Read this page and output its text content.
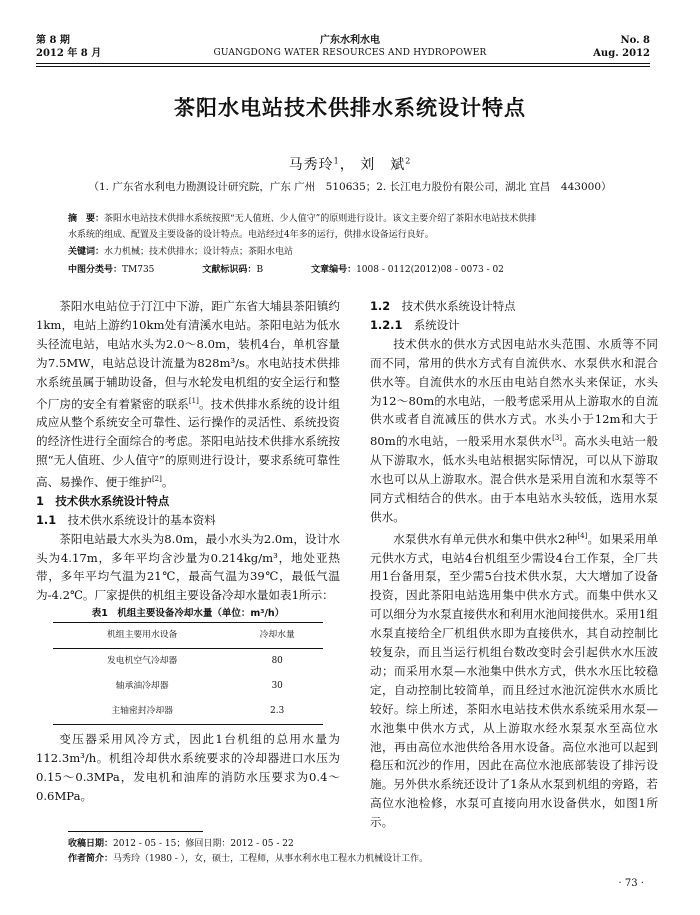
第 8 期
2012 年 8 月
广东水利水电
GUANGDONG WATER RESOURCES AND HYDROPOWER
No. 8
Aug. 2012
茶阳水电站技术供排水系统设计特点
马秀玲$^1$， 刘　斌$^2$
（1. 广东省水利电力勘测设计研究院，广东 广州　510635；2. 长江电力股份有限公司，湖北 宜昌　443000）
摘　要：茶阳水电站技术供排水系统按照“无人值班、少人值守”的原则进行设计。该文主要介绍了茶阳水电站技术供排
水系统的组成、配置及主要设备的设计特点。电站经过4年多的运行，供排水设备运行良好。
关键词：水力机械；技术供排水；设计特点；茶阳水电站
中图分类号：TM735	文献标识码：B	文章编号：1008 - 0112(2012)08 - 0073 - 02

茶阳水电站位于汀江中下游，距广东省大埔县茶阳镇约1km，电站上游约10km处有清溪水电站。茶阳电站为低水头径流电站，电站水头为2.0～8.0m，装机4台，单机容量为7.5MW，电站总设计流量为828m³/s。水电站技术供排水系统虽属于辅助设备，但与水轮发电机组的安全运行和整个厂房的安全有着紧密的联系[1]。技术供排水系统的设计组成应从整个系统安全可靠性、运行操作的灵活性、系统投资的经济性进行全面综合的考虑。茶阳电站技术供排水系统按照“无人值班、少人值守”的原则进行设计，要求系统可靠性高、易操作、便于维护[2]。

1　技术供水系统设计特点

1.1　 技术供水系统设计的基本资料

茶阳电站最大水头为8.0m，最小水头为2.0m，设计水头为4.17m，多年平均含沙量为0.214kg/m³，地处亚热带，多年平均气温为21℃，最高气温为39℃，最低气温为-4.2℃。厂家提供的机组主要设备冷却水量如表1所示：

表1　机组主要设备冷却水量（单位：m³/h）
机组主要用水设备	冷却水量
发电机空气冷却器	80
轴承油冷却器	30
主轴密封冷却器	2.3

变压器采用风冷方式，因此1台机组的总用水量为112.3m³/h。机组冷却供水系统要求的冷却器进口水压为0.15～0.3MPa，发电机和油库的消防水压要求为0.4～0.6MPa。

1.2　 技术供水系统设计特点

1.2.1　 系统设计

技术供水的供水方式因电站水头范围、水质等不同而不同，常用的供水方式有自流供水、水泵供水和混合供水等。自流供水的水压由电站自然水头来保证，水头为12～80m的水电站，一般考虑采用从上游取水的自流供水或者自流减压的供水方式。水头小于12m和大于80m的水电站，一般采用水泵供水[3]。高水头电站一般从下游取水，低水头电站根据实际情况，可以从下游取水也可以从上游取水。混合供水是采用自流和水泵等不同方式相结合的供水。由于本电站水头较低，选用水泵供水。

水泵供水有单元供水和集中供水2种[4]。如果采用单元供水方式，电站4台机组至少需设4台工作泵，全厂共用1台备用泵，至少需5台技术供水泵，大大增加了设备投资，因此茶阳电站选用集中供水方式。而集中供水又可以细分为水泵直接供水和利用水池间接供水。采用1组水泵直接给全厂机组供水即为直接供水，其自动控制比较复杂，而且当运行机组台数改变时会引起供水水压波动；而采用水泵—水池集中供水方式，供水水压比较稳定，自动控制比较简单，而且经过水池沉淀供水水质比较好。综上所述，茶阳水电站技术供水系统采用水泵—水池集中供水方式，从上游取水经水泵泵水至高位水池，再由高位水池供给各用水设备。高位水池可以起到稳压和沉沙的作用，因此在高位水池底部装设了排污设施。另外供水系统还设计了1条从水泵到机组的旁路，若高位水池检修，水泵可直接向用水设备供水，如图1所示。

收稿日期：2012 - 05 - 15；修回日期：2012 - 05 - 22
作者简介：马秀玲（1980 - ），女，硕士，工程师，从事水利水电工程水力机械设计工作。
· 73 ·
